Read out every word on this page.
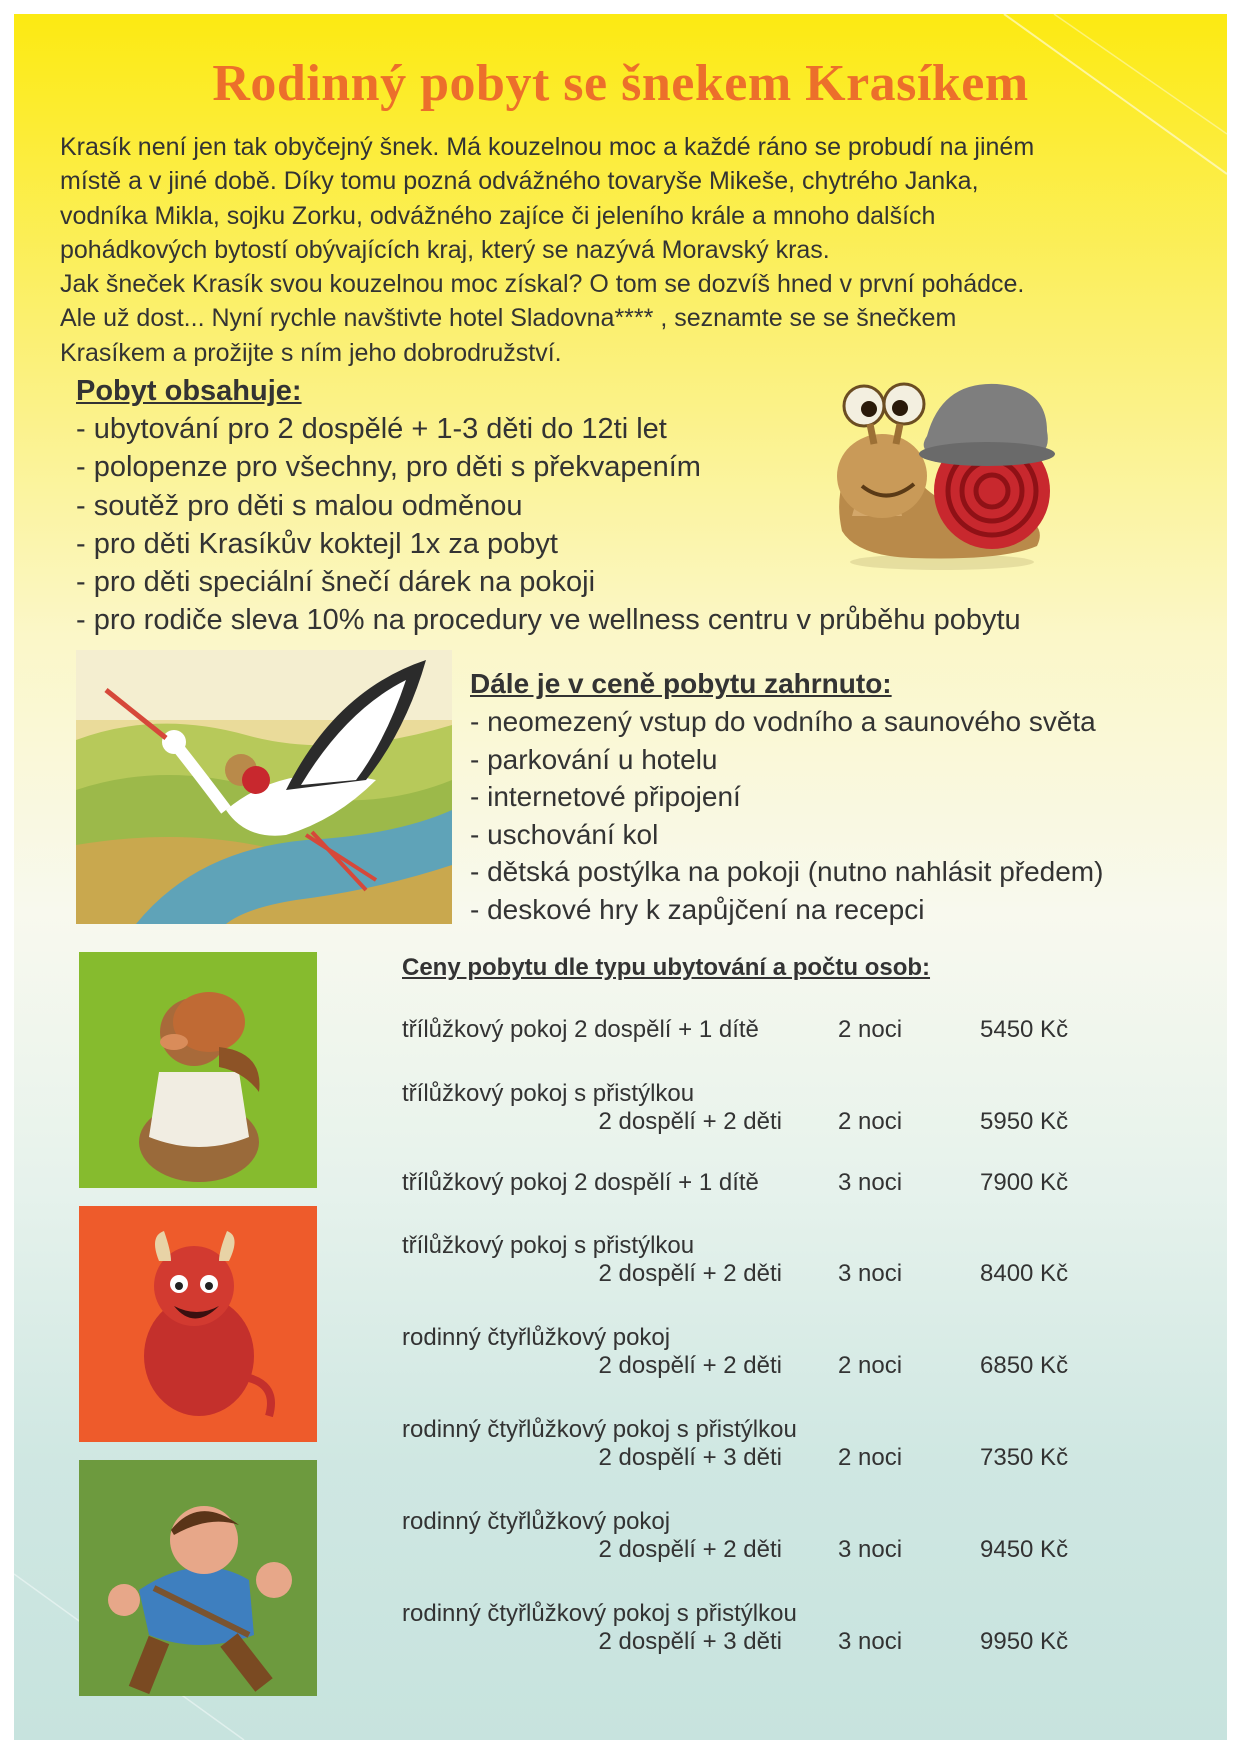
Rodinný pobyt se šnekem Krasíkem

Krasík není jen tak obyčejný šnek. Má kouzelnou moc a každé ráno se probudí na jiném
místě a v jiné době. Díky tomu pozná odvážného tovaryše Mikeše, chytrého Janka,
vodníka Mikla, sojku Zorku, odvážného zajíce či jeleního krále a mnoho dalších
pohádkových bytostí obývajících kraj, který se nazývá Moravský kras.
Jak šneček Krasík svou kouzelnou moc získal? O tom se dozvíš hned v první pohádce.
Ale už dost... Nyní rychle navštivte hotel Sladovna**** , seznamte se se šnečkem
Krasíkem a prožijte s ním jeho dobrodružství.

Pobyt obsahuje:
- ubytování pro 2 dospělé + 1-3 děti do 12ti let
- polopenze pro všechny, pro děti s překvapením
- soutěž pro děti s malou odměnou
- pro děti Krasíkův koktejl 1x za pobyt
- pro děti speciální šnečí dárek na pokoji
- pro rodiče sleva 10% na procedury ve wellness centru v průběhu pobytu
Dále je v ceně pobytu zahrnuto:
- neomezený vstup do vodního a saunového světa
- parkování u hotelu
- internetové připojení
- uschování kol
- dětská postýlka na pokoji (nutno nahlásit předem)
- deskové hry k zapůjčení na recepci
Ceny pobytu dle typu ubytování a počtu osob:
třílůžkový pokoj 2 dospělí + 1 dítě	2 noci	5450 Kč
třílůžkový pokoj s přistýlkou
2 dospělí + 2 děti 2 noci	5950 Kč
třílůžkový pokoj 2 dospělí + 1 dítě	3 noci	7900 Kč
třílůžkový pokoj s přistýlkou
2 dospělí + 2 děti 3 noci	8400 Kč
rodinný čtyřlůžkový pokoj
2 dospělí + 2 děti 2 noci	6850 Kč
rodinný čtyřlůžkový pokoj s přistýlkou
2 dospělí + 3 děti 2 noci	7350 Kč
rodinný čtyřlůžkový pokoj
2 dospělí + 2 děti 3 noci	9450 Kč
rodinný čtyřlůžkový pokoj s přistýlkou
2 dospělí + 3 děti 3 noci	9950 Kč
